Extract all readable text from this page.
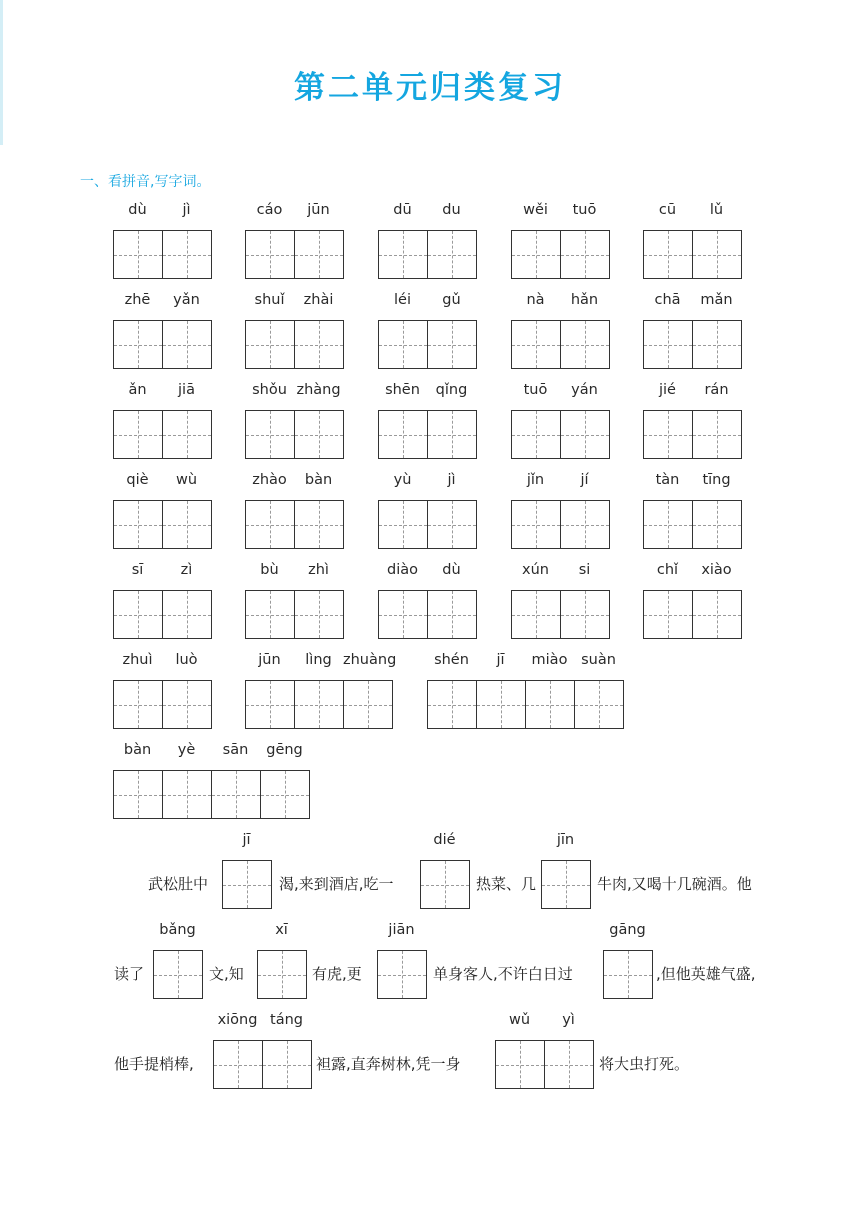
第二单元归类复习
一、看拼音,写字词。
dù	jì	cáo	jūn	dū	du	wěi	tuō	cū	lǔ
zhē	yǎn	shuǐ	zhài	léi	gǔ	nà	hǎn	chā	mǎn
ǎn	jiā	shǒu zhàng	shēn	qǐng	tuō	yán	jié	rán
qiè	wù	zhào	bàn	yù	jì	jǐn	jí	tàn	tīng
sī	zì	bù	zhì	diào	dù	xún	si	chǐ	xiào
zhuì	luò	jūn	lìng zhuàng	shén	jī	miào suàn
bàn	yè	sān	gēng
武松肚中	渴,来到酒店,吃一	热菜、几	牛肉,又喝十几碗酒。他
读了	文,知	有虎,更	单身客人,不许白日过	,但他英雄气盛,
他手提梢棒,	袒露,直奔树林,凭一身	将大虫打死。
jī	dié	jīn
bǎng	xī	jiān	gāng
xiōng táng	wǔ	yì
